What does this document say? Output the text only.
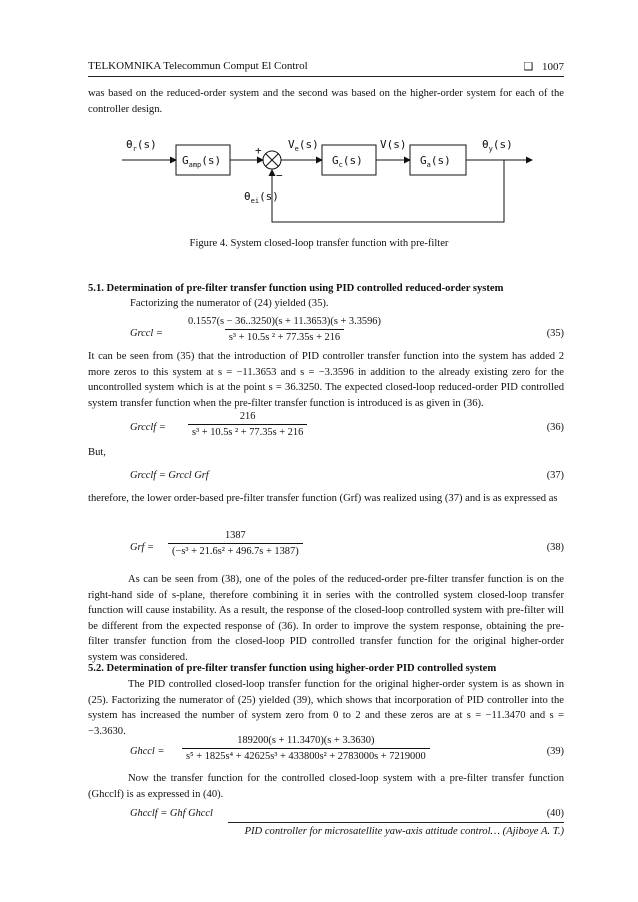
TELKOMNIKA Telecommun Comput El Control	❑ 1007

was based on the reduced-order system and the second was based on the higher-order system for each of the controller design.

$\theta_r(s)$
$G_{amp}(s)$
+
−
$V_e(s)$
$G_c(s)$
V(s)
$G_a(s)$
$\theta_y(s)$
$\theta_{ei}(s)$
Figure 4. System closed-loop transfer function with pre-filter

5.1. Determination of pre-filter transfer function using PID controlled reduced-order system

Factorizing the numerator of (24) yielded (35).

Grccl = $\frac{0.1557(s - 36..3250)(s + 11.3653)(s + 3.3596)}{\text{s³ + 10.5s ² + 77.35s + 216}}$	(35)

It can be seen from (35) that the introduction of PID controller transfer function into the system has added 2 more zeros to this system at s = −11.3653 and s = −3.3596 in addition to the already existing zero for the uncontrolled system which is at the point s = 36.3250. The expected closed-loop reduced-order PID controlled system transfer function when the pre-filter transfer function is introduced is as given in (36).

Grcclf = $\frac{216}{\text{s³ + 10.5s ² + 77.35s + 216}}$	(36)

But,

Grcclf = Grccl Grf	(37)

therefore, the lower order-based pre-filter transfer function (Grf) was realized using (37) and is as expressed as

Grf = $\frac{1387}{\text{(−s³ + 21.6s² + 496.7s + 1387)}}$	(38)

As can be seen from (38), one of the poles of the reduced-order pre-filter transfer function is on the right-hand side of s-plane, therefore combining it in series with the controlled system closed-loop transfer function will cause instability. As a result, the response of the closed-loop controlled system with pre-filter will be different from the expected response of (36). In order to improve the system response, obtaining the pre-filter transfer function from the closed-loop PID controlled transfer function for the original higher-order system was considered.

5.2. Determination of pre-filter transfer function using higher-order PID controlled system

The PID controlled closed-loop transfer function for the original higher-order system is as shown in (25). Factorizing the numerator of (25) yielded (39), which shows that incorporation of PID controller into the system has increased the number of system zero from 0 to 2 and these zeros are at s = −11.3470 and s = −3.3630.

Ghccl = $\frac{189200(s + 11.3470)(s + 3.3630)}{\text{s⁵ + 1825s⁴ + 42625s³ + 433800s² + 2783000s + 7219000}}$	(39)

Now the transfer function for the controlled closed-loop system with a pre-filter transfer function (Ghcclf) is as expressed in (40).

Ghcclf = Ghf Ghccl	(40)
PID controller for microsatellite yaw-axis attitude control… (Ajiboye A. T.)
